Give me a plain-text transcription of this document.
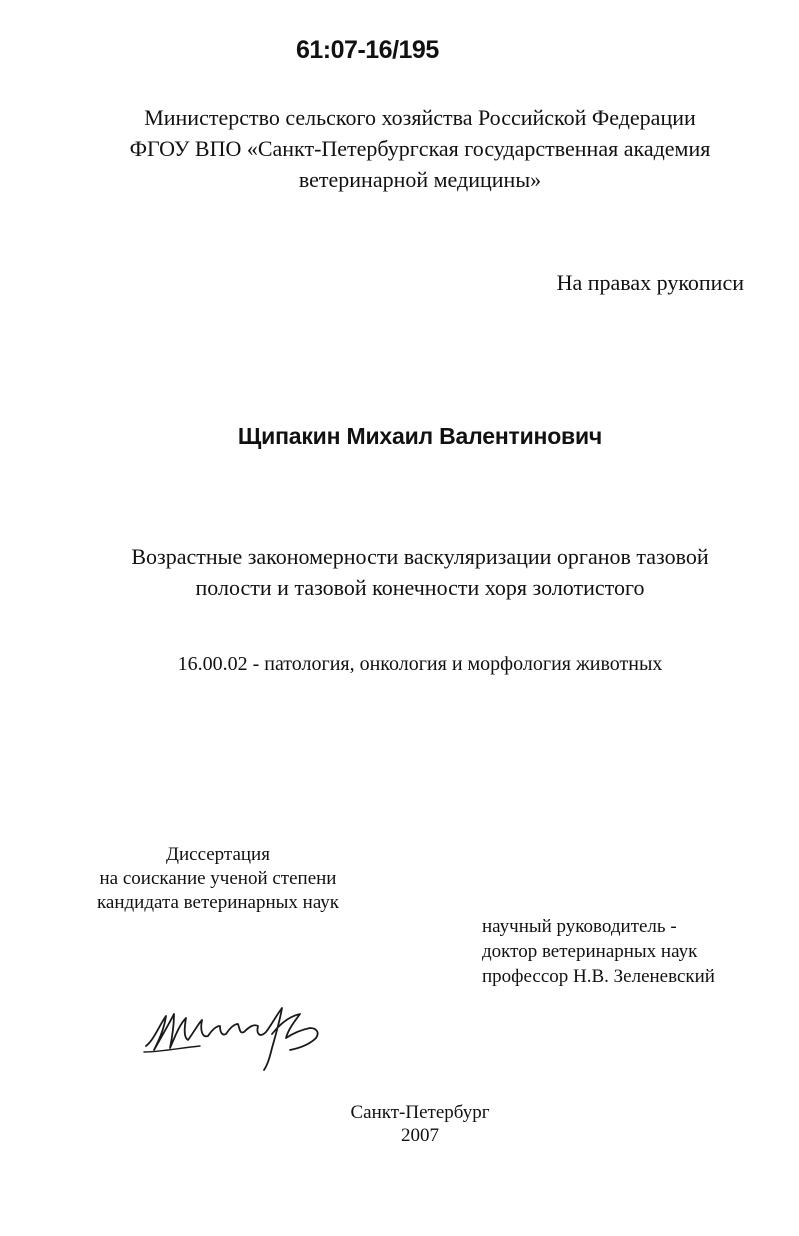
61:07-16/195
Министерство сельского хозяйства Российской Федерации
ФГОУ ВПО «Санкт-Петербургская государственная академия
ветеринарной медицины»
На правах рукописи
Щипакин Михаил Валентинович
Возрастные закономерности васкуляризации органов тазовой
полости и тазовой конечности хоря золотистого
16.00.02 - патология, онкология и морфология животных
Диссертация
на соискание ученой степени
кандидата ветеринарных наук
научный руководитель -
доктор ветеринарных наук
профессор Н.В. Зеленевский
Санкт-Петербург
2007
